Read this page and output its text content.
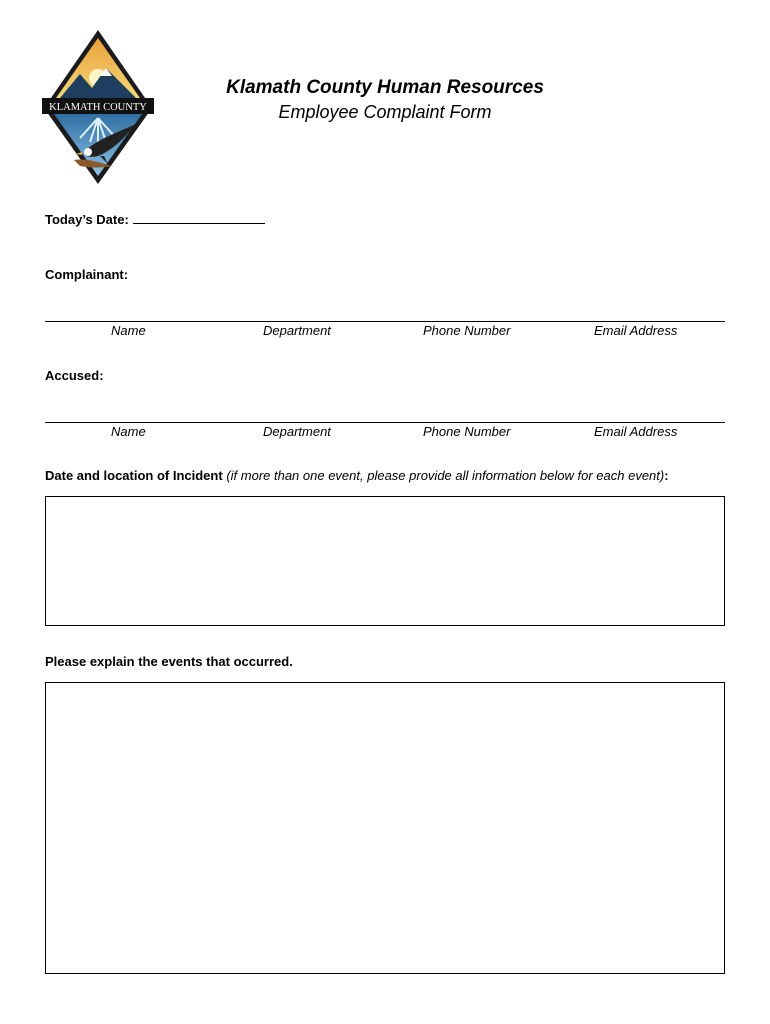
KLAMATH COUNTY
Klamath County Human Resources
Employee Complaint Form
Today’s Date:
Complainant:
Name	Department	Phone Number	Email Address
Accused:
Name	Department	Phone Number	Email Address
Date and location of Incident (if more than one event, please provide all information below for each event):
Please explain the events that occurred.
